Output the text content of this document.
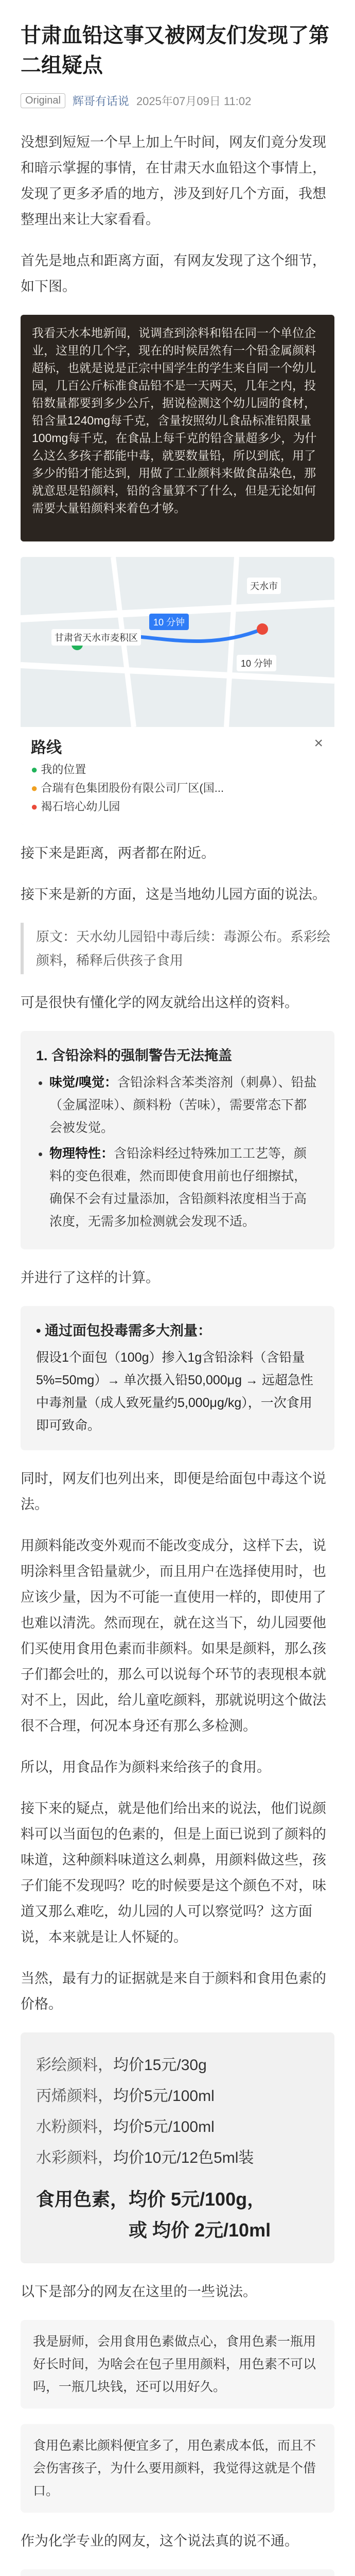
甘肃血铅这事又被网友们发现了第二组疑点
Original	辉哥有话说 2025年07月09日 11:02

没想到短短一个早上加上午时间，网友们竟分发现和暗示掌握的事情，在甘肃天水血铅这个事情上，发现了更多矛盾的地方，涉及到好几个方面，我想整理出来让大家看看。

首先是地点和距离方面，有网友发现了这个细节，如下图。

我看天水本地新闻，说调查到涂料和铅在同一个单位企业，这里的几个字，现在的时候居然有一个铅金属颜料超标，也就是说是正宗中国学生的学生来自同一个幼儿园，几百公斤标准食品铅不是一天两天，几年之内，投铅数量都要到多少公斤，据说检测这个幼儿园的食材，铅含量1240mg每千克，含量按照幼儿食品标准铅限量100mg每千克，在食品上每千克的铅含量超多少，为什么这么多孩子都能中毒，就要数量铅，所以到底，用了多少的铅才能达到，用做了工业颜料来做食品染色，那就意思是铅颜料，铅的含量算不了什么，但是无论如何需要大量铅颜料来着色才够。
甘肃省天水市麦积区
天水市
10 分钟
10 分钟
路线	×
● 我的位置
● 合瑞有色集团股份有限公司厂区(国...
● 褐石培心幼儿园

接下来是距离，两者都在附近。

接下来是新的方面，这是当地幼儿园方面的说法。

原文：天水幼儿园铅中毒后续：毒源公布。系彩绘颜料，稀释后供孩子食用

可是很快有懂化学的网友就给出这样的资料。

1. 含铅涂料的强制警告无法掩盖
• 味觉/嗅觉：含铅涂料含苯类溶剂（刺鼻）、铅盐（金属涩味）、颜料粉（苦味），需要常态下都会被发觉。
• 物理特性：含铅涂料经过特殊加工工艺等，颜料的变色很难，然而即使食用前也仔细擦拭，确保不会有过量添加，含铅颜料浓度相当于高浓度，无需多加检测就会发现不适。

并进行了这样的计算。

• 通过面包投毒需多大剂量：
假设1个面包（100g）掺入1g含铅涂料（含铅量5%=50mg）→ 单次摄入铅50,000μg → 远超急性中毒剂量（成人致死量约5,000μg/kg），一次食用即可致命。

同时，网友们也列出来，即便是给面包中毒这个说法。

用颜料能改变外观而不能改变成分，这样下去，说明涂料里含铅量就少，而且用户在选择使用时，也应该少量，因为不可能一直使用一样的，即使用了也难以清洗。然而现在，就在这当下，幼儿园要他们买使用食用色素而非颜料。如果是颜料，那么孩子们都会吐的，那么可以说每个环节的表现根本就对不上，因此，给儿童吃颜料，那就说明这个做法很不合理，何况本身还有那么多检测。

所以，用食品作为颜料来给孩子的食用。

接下来的疑点，就是他们给出来的说法，他们说颜料可以当面包的色素的，但是上面已说到了颜料的味道，这种颜料味道这么刺鼻，用颜料做这些，孩子们能不发现吗？吃的时候要是这个颜色不对，味道又那么难吃，幼儿园的人可以察觉吗？这方面说，本来就是让人怀疑的。

当然，最有力的证据就是来自于颜料和食用色素的价格。

彩绘颜料，均价15元/30g
丙烯颜料，均价5元/100ml
水粉颜料，均价5元/100ml
水彩颜料，均价10元/12色5ml装
食用色素，均价 5元/100g，
或 均价 2元/10ml

以下是部分的网友在这里的一些说法。

我是厨师，会用食用色素做点心，食用色素一瓶用好长时间，为啥会在包子里用颜料，用色素不可以吗，一瓶几块钱，还可以用好久。
食用色素比颜料便宜多了，用色素成本低，而且不会伤害孩子，为什么要用颜料，我觉得这就是个借口。

作为化学专业的网友，这个说法真的说不通。
